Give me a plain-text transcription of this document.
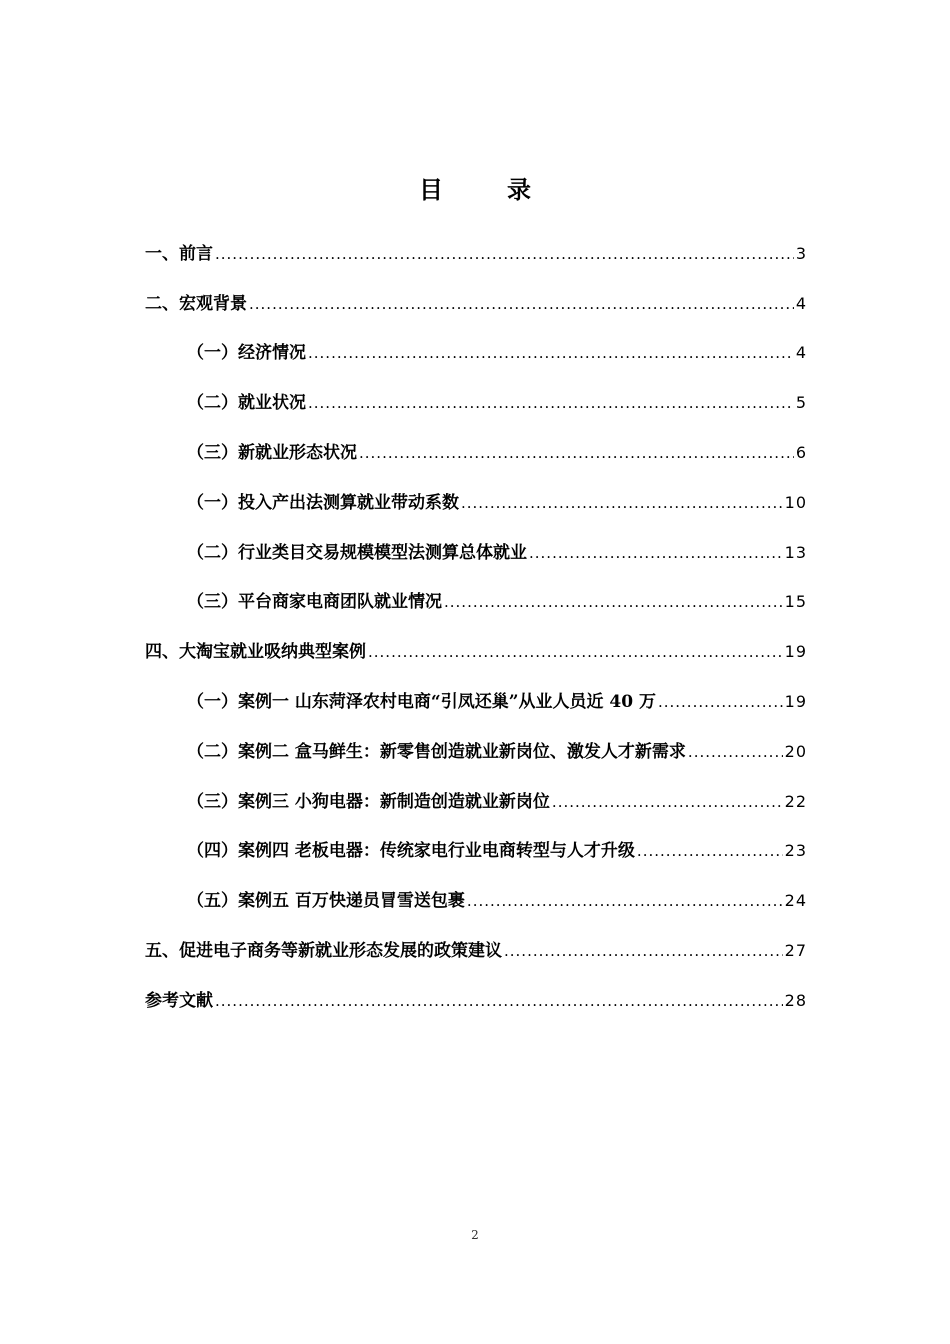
目　录
一、前言 .....	3
二、宏观背景 .....	4
（一）经济情况 .....	4
（二）就业状况 .....	5
（三）新就业形态状况 .....	6
（一）投入产出法测算就业带动系数 .....	10
（二）行业类目交易规模模型法测算总体就业 .....	13
（三）平台商家电商团队就业情况 .....	15
四、大淘宝就业吸纳典型案例 .....	19
（一）案例一 山东菏泽农村电商“引凤还巢”从业人员近 40 万 .....	19
（二）案例二 盒马鲜生：新零售创造就业新岗位、激发人才新需求 .....	20
（三）案例三 小狗电器：新制造创造就业新岗位 .....	22
（四）案例四 老板电器：传统家电行业电商转型与人才升级 .....	23
（五）案例五 百万快递员冒雪送包裹 .....	24
五、促进电子商务等新就业形态发展的政策建议 .....	27
参考文献 .....	28
2
